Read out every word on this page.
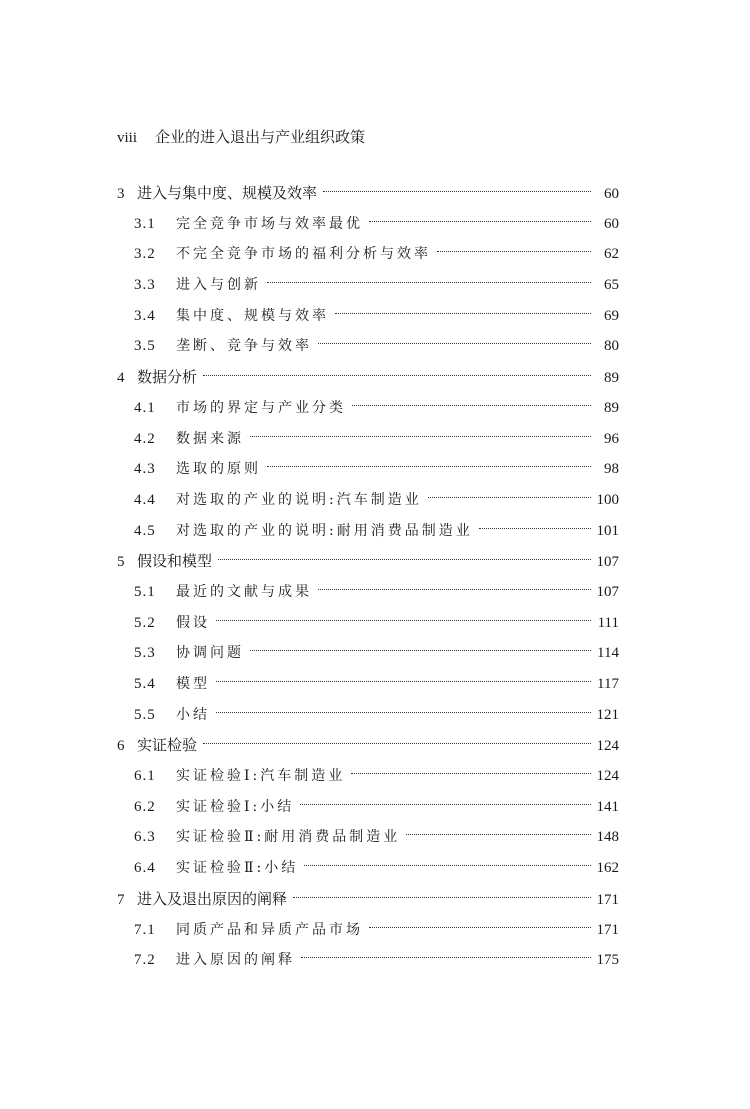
viii 企业的进入退出与产业组织政策
3 进入与集中度、规模及效率	60
3.1	完全竞争市场与效率最优	60
3.2	不完全竞争市场的福利分析与效率	62
3.3	进入与创新	65
3.4	集中度、规模与效率	69
3.5	垄断、竞争与效率	80
4 数据分析	89
4.1	市场的界定与产业分类	89
4.2	数据来源	96
4.3	选取的原则	98
4.4	对选取的产业的说明:汽车制造业	100
4.5	对选取的产业的说明:耐用消费品制造业	101
5 假设和模型	107
5.1	最近的文献与成果	107
5.2	假设	111
5.3	协调问题	114
5.4	模型	117
5.5	小结	121
6 实证检验	124
6.1	实证检验Ⅰ:汽车制造业	124
6.2	实证检验Ⅰ:小结	141
6.3	实证检验Ⅱ:耐用消费品制造业	148
6.4	实证检验Ⅱ:小结	162
7 进入及退出原因的阐释	171
7.1	同质产品和异质产品市场	171
7.2	进入原因的阐释	175
